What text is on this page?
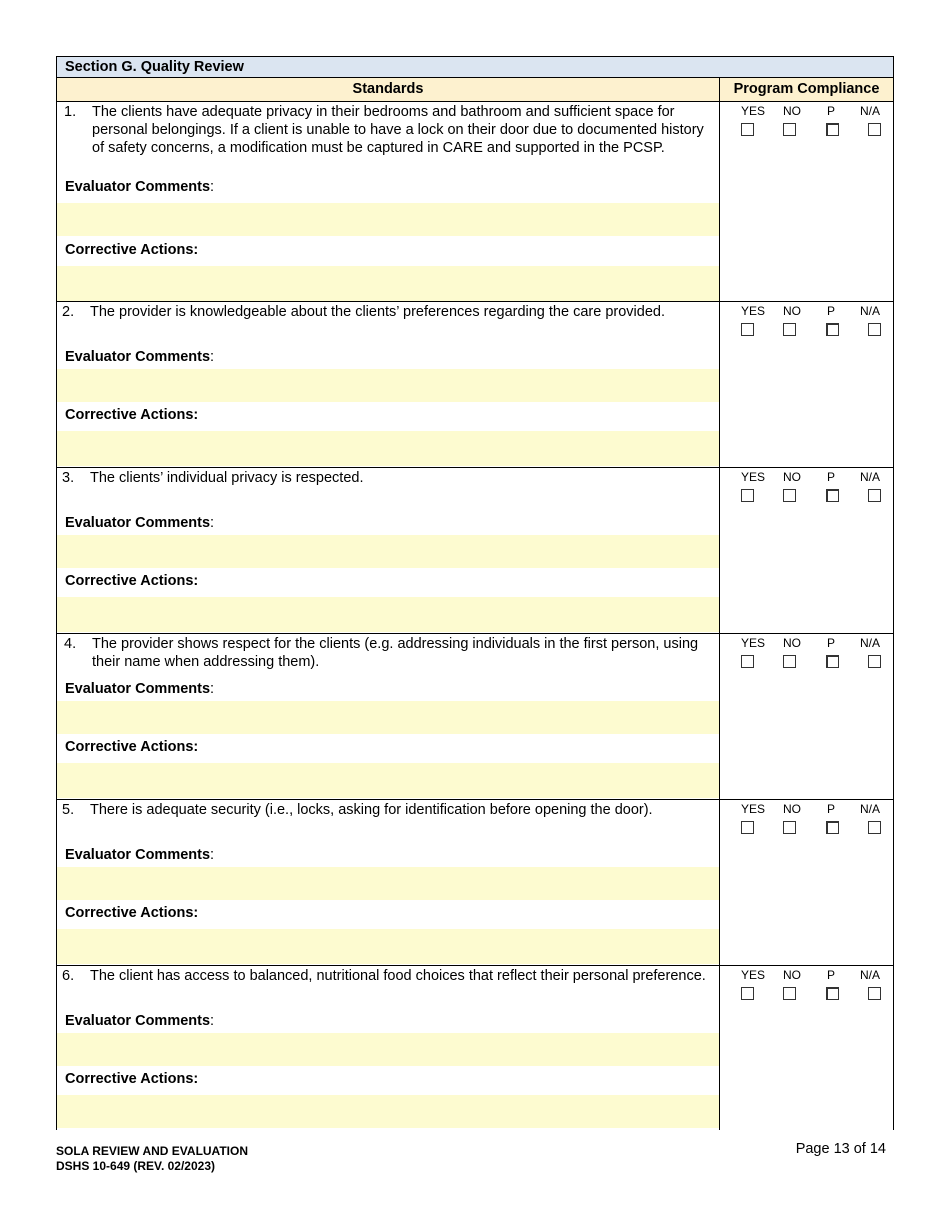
Section G. Quality Review
Standards	Program Compliance
1.	The clients have adequate privacy in their bedrooms and bathroom and sufficient space for personal belongings. If a client is unable to have a lock on their door due to documented history of safety concerns, a modification must be captured in CARE and supported in the PCSP.
Evaluator Comments:
Corrective Actions:
YES	NO	P	N/A
2.	The provider is knowledgeable about the clients’ preferences regarding the care provided.
Evaluator Comments:
Corrective Actions:
YES	NO	P	N/A
3.	The clients’ individual privacy is respected.
Evaluator Comments:
Corrective Actions:
YES	NO	P	N/A
4.	The provider shows respect for the clients (e.g. addressing individuals in the first person, using their name when addressing them).
Evaluator Comments:
Corrective Actions:
YES	NO	P	N/A
5.	There is adequate security (i.e., locks, asking for identification before opening the door).
Evaluator Comments:
Corrective Actions:
YES	NO	P	N/A
6.	The client has access to balanced, nutritional food choices that reflect their personal preference.
Evaluator Comments:
Corrective Actions:
YES	NO	P	N/A
SOLA REVIEW AND EVALUATION
DSHS 10-649 (REV. 02/2023)
Page 13 of 14
